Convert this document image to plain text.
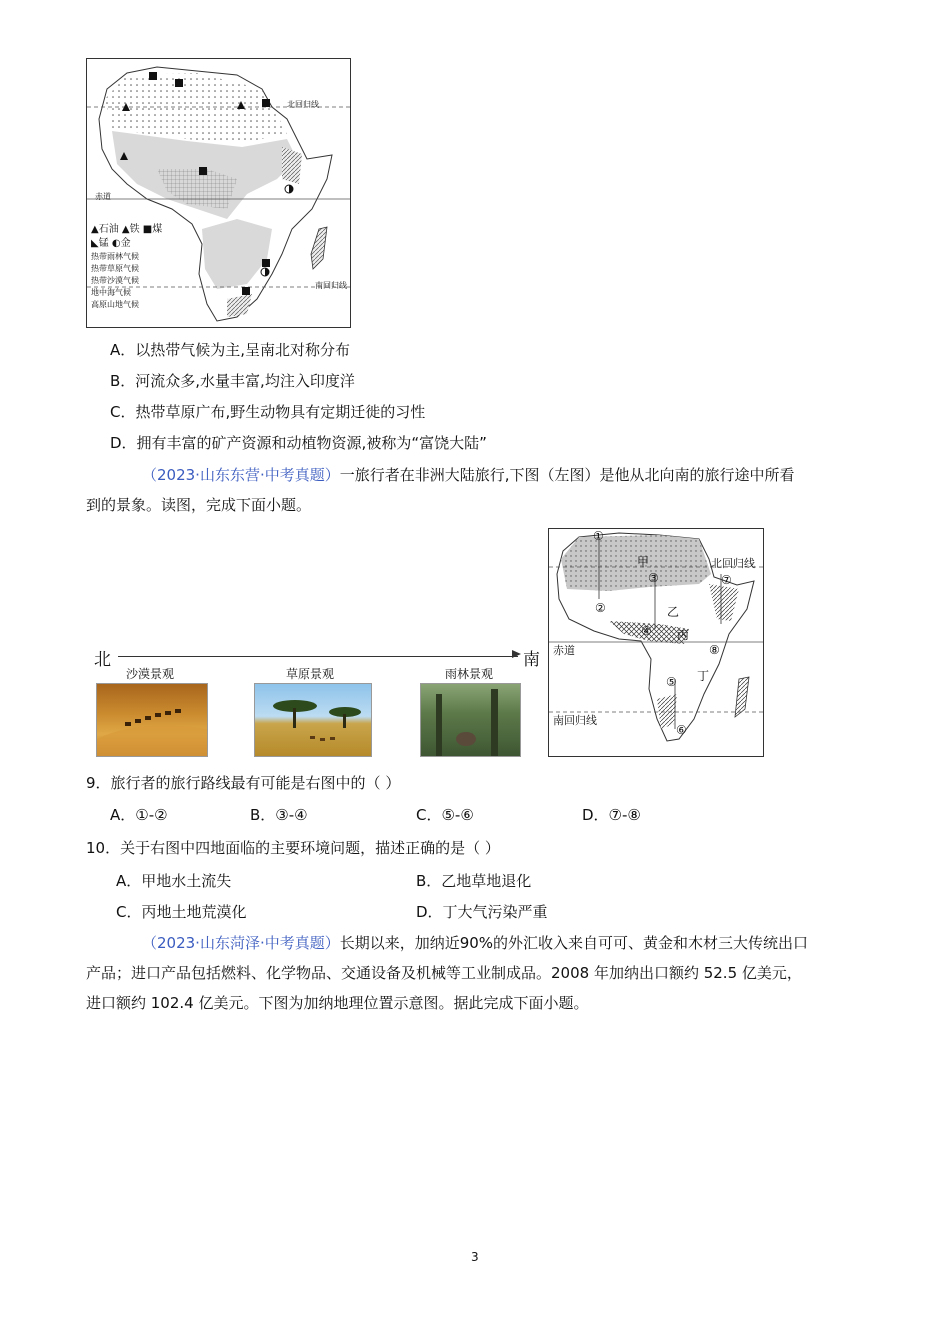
北回归线
赤道
南回归线
▲石油 ▲铁 ■煤
◣锰 ◐金
热带雨林气候
热带草原气候
热带沙漠气候
地中海气候
高原山地气候
A．以热带气候为主,呈南北对称分布
B．河流众多,水量丰富,均注入印度洋
C．热带草原广布,野生动物具有定期迁徙的习性
D．拥有丰富的矿产资源和动植物资源,被称为“富饶大陆”
（2023·山东东营·中考真题）一旅行者在非洲大陆旅行,下图（左图）是他从北向南的旅行途中所看
到的景象。读图，完成下面小题。
北	南
沙漠景观	草原景观	雨林景观
北回归线
赤道
南回归线
甲
乙
丙
丁
①
②
③
④
⑤
⑥
⑦
⑧
9．旅行者的旅行路线最有可能是右图中的（ ）
A．①-②	B．③-④	C．⑤-⑥	D．⑦-⑧
10．关于右图中四地面临的主要环境问题，描述正确的是（ ）
A．甲地水土流失	B．乙地草地退化
C．丙地土地荒漠化	D．丁大气污染严重
（2023·山东菏泽·中考真题）长期以来，加纳近90%的外汇收入来自可可、黄金和木材三大传统出口
产品；进口产品包括燃料、化学物品、交通设备及机械等工业制成品。2008 年加纳出口额约 52.5 亿美元，
进口额约 102.4 亿美元。下图为加纳地理位置示意图。据此完成下面小题。
3
